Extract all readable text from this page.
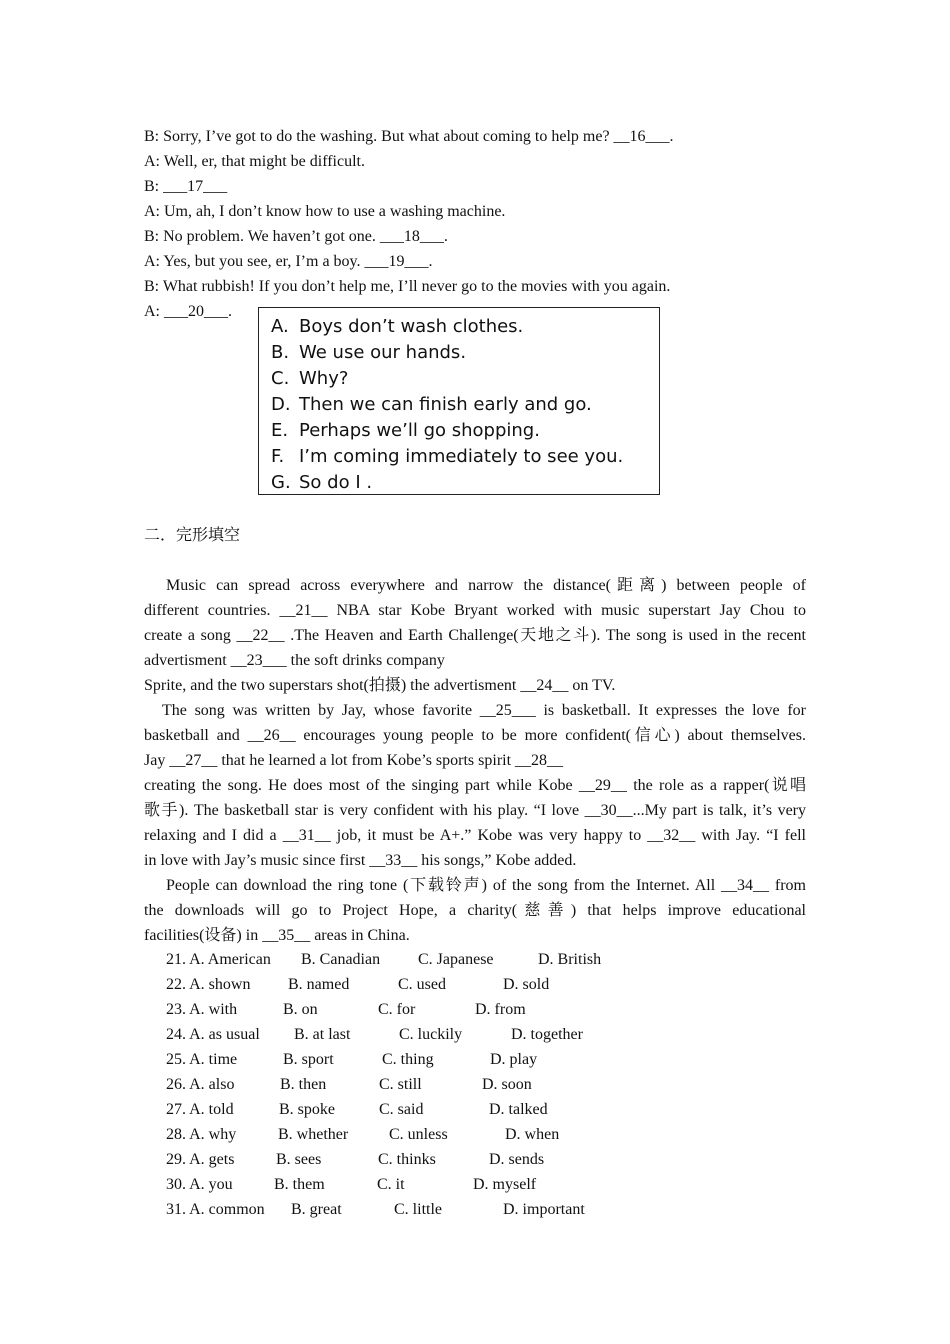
B: Sorry, I’ve got to do the washing. But what about coming to help me? __16___.
A: Well, er, that might be difficult.
B: ___17___
A: Um, ah, I don’t know how to use a washing machine.
B: No problem. We haven’t got one. ___18___.
A: Yes, but you see, er, I’m a boy. ___19___.
B: What rubbish! If you don’t help me, I’ll never go to the movies with you again.
A: ___20___.
A. Boys don’t wash clothes.
B. We use our hands.
C. Why?
D. Then we can finish early and go.
E. Perhaps we’ll go shopping.
F. I’m coming immediately to see you.
G. So do I .
二．完形填空
Music can spread across everywhere and narrow the distance(距离) between people of
different countries. __21__ NBA star Kobe Bryant worked with music superstart Jay Chou to
create a song __22__ .The Heaven and Earth Challenge(天地之斗). The song is used in the recent
advertisment __23___ the soft drinks company
Sprite, and the two superstars shot(拍摄) the advertisment __24__ on TV.
The song was written by Jay, whose favorite __25___ is basketball. It expresses the love for
basketball and __26__ encourages young people to be more confident(信心) about themselves.
Jay __27__ that he learned a lot from Kobe’s sports spirit __28__
creating the song. He does most of the singing part while Kobe __29__ the role as a rapper(说唱
歌手). The basketball star is very confident with his play. “I love __30__...My part is talk, it’s very
relaxing and I did a __31__ job, it must be A+.” Kobe was very happy to __32__ with Jay. “I fell
in love with Jay’s music since first __33__ his songs,” Kobe added.
People can download the ring tone (下载铃声) of the song from the Internet. All __34__ from
the downloads will go to Project Hope, a charity(慈善) that helps improve educational
facilities(设备) in __35__ areas in China.
21. A. American B. Canadian C. Japanese	D. British
22. A. shown B. named	C. used	D. sold
23. A. with	B. on	C. for	D. from
24. A. as usual B. at last	C. luckily	D. together
25. A. time	B. sport	C. thing	D. play
26. A. also	B. then	C. still	D. soon
27. A. told	B. spoke	C. said	D. talked
28. A. why	B. whether	C. unless	D. when
29. A. gets	B. sees	C. thinks	D. sends
30. A. you	B. them	C. it	D. myself
31. A. common B. great	C. little	D. important
